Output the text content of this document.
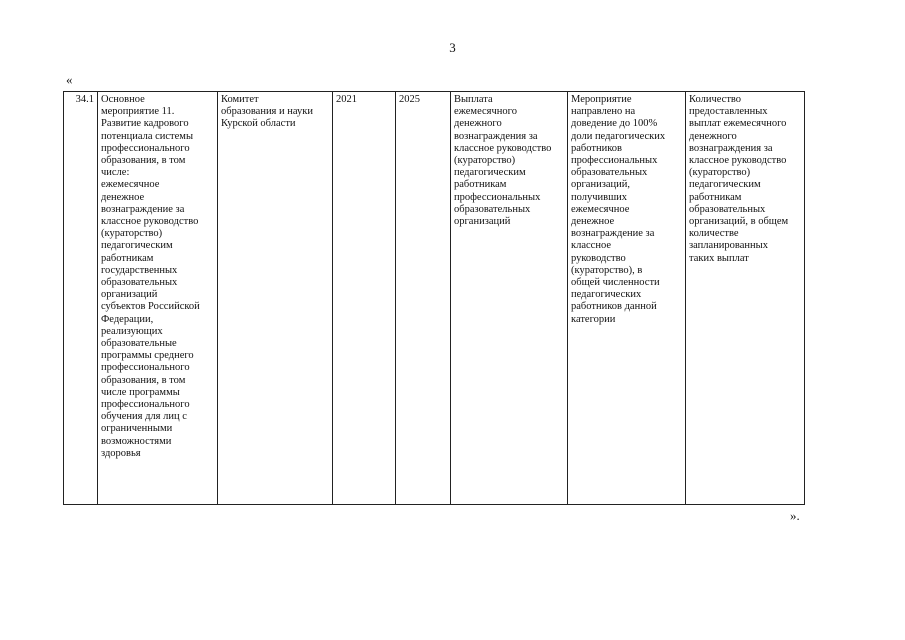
3
«
34.1	Основное
мероприятие 11.
Развитие кадрового
потенциала системы
профессионального
образования, в том
числе:
ежемесячное
денежное
вознаграждение за
классное руководство
(кураторство)
педагогическим
работникам
государственных
образовательных
организаций
субъектов Российской
Федерации,
реализующих
образовательные
программы среднего
профессионального
образования, в том
числе программы
профессионального
обучения для лиц с
ограниченными
возможностями
здоровья	Комитет
образования и науки
Курской области	2021	2025	Выплата
ежемесячного
денежного
вознаграждения за
классное руководство
(кураторство)
педагогическим
работникам
профессиональных
образовательных
организаций	Мероприятие
направлено на
доведение до 100%
доли педагогических
работников
профессиональных
образовательных
организаций,
получивших
ежемесячное
денежное
вознаграждение за
классное
руководство
(кураторство), в
общей численности
педагогических
работников данной
категории	Количество
предоставленных
выплат ежемесячного
денежного
вознаграждения за
классное руководство
(кураторство)
педагогическим
работникам
образовательных
организаций, в общем
количестве
запланированных
таких выплат
».
